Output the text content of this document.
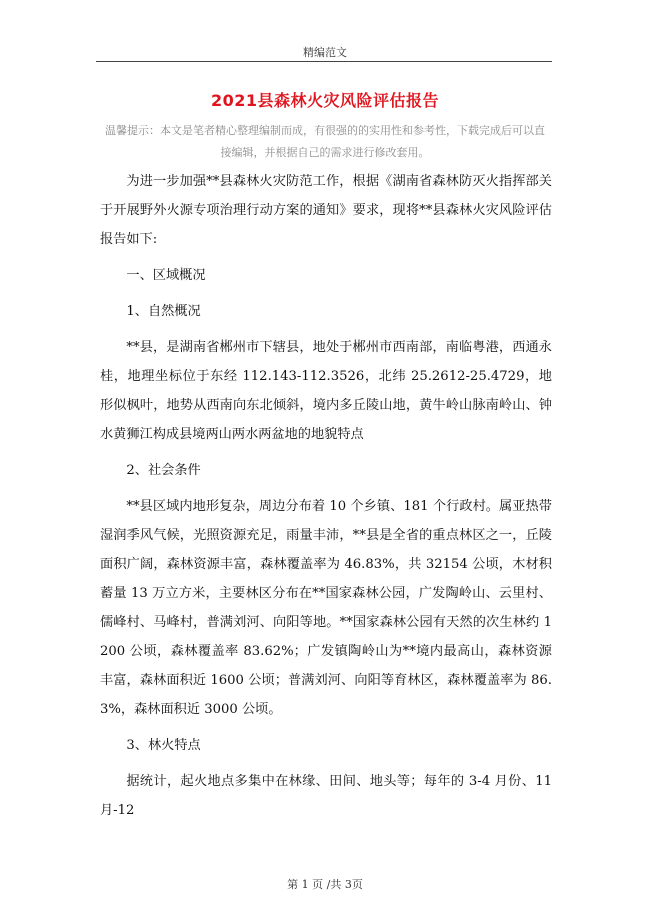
精编范文
2021县森林火灾风险评估报告
温馨提示：本文是笔者精心整理编制而成，有很强的的实用性和参考性，下载完成后可以直接编辑，并根据自己的需求进行修改套用。

为进一步加强**县森林火灾防范工作，根据《湖南省森林防灭火指挥部关于开展野外火源专项治理行动方案的通知》要求，现将**县森林火灾风险评估报告如下:

一、区域概况

1、自然概况

**县，是湖南省郴州市下辖县，地处于郴州市西南部，南临粤港，西通永桂，地理坐标位于东经 112.143-112.3526，北纬 25.2612-25.4729，地形似枫叶，地势从西南向东北倾斜，境内多丘陵山地，黄牛岭山脉南岭山、钟水黄狮江构成县境两山两水两盆地的地貌特点

2、社会条件

**县区域内地形复杂，周边分布着 10 个乡镇、181 个行政村。属亚热带湿润季风气候，光照资源充足，雨量丰沛，**县是全省的重点林区之一，丘陵面积广阔，森林资源丰富，森林覆盖率为 46.83%，共 32154 公顷，木材积蓄量 13 万立方米，主要林区分布在**国家森林公园，广发陶岭山、云里村、儒峰村、马峰村，普满刘河、向阳等地。**国家森林公园有天然的次生林约 1200 公顷，森林覆盖率 83.62%；广发镇陶岭山为**境内最高山，森林资源丰富，森林面积近 1600 公顷；普满刘河、向阳等育林区，森林覆盖率为 86.3%，森林面积近 3000 公顷。

3、林火特点

据统计，起火地点多集中在林缘、田间、地头等；每年的 3-4 月份、11 月-12

第 1 页 /共 3页
